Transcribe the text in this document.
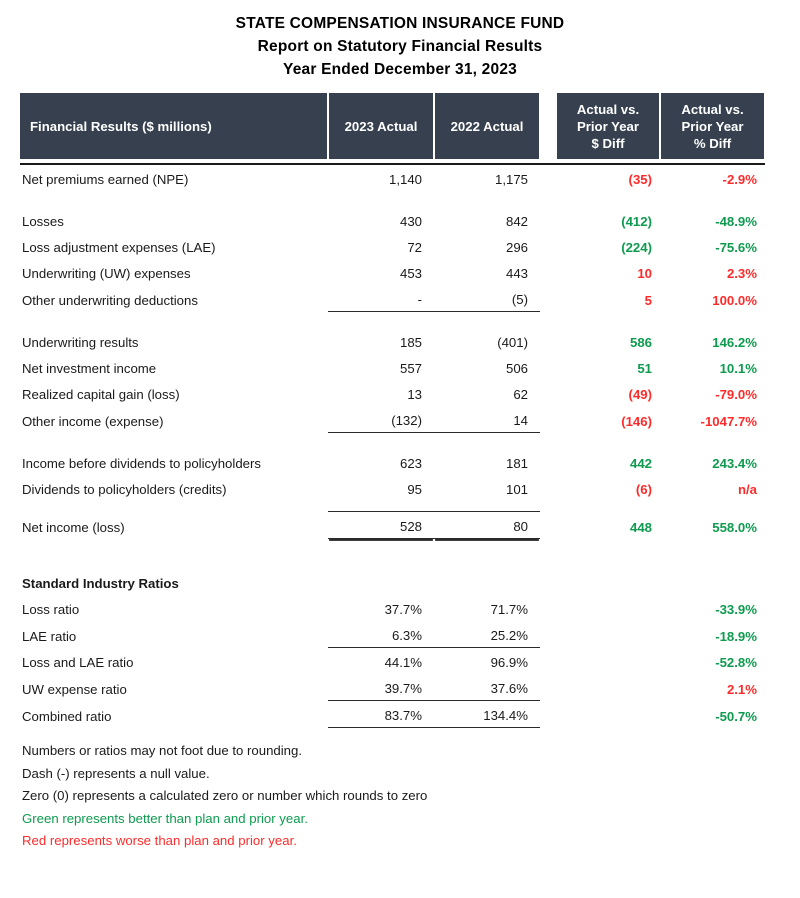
STATE COMPENSATION INSURANCE FUND
Report on Statutory Financial Results
Year Ended December 31, 2023
Financial Results ($ millions)	2023 Actual	2022 Actual		Actual vs.
Prior Year
$ Diff	Actual vs.
Prior Year
% Diff

Net premiums earned (NPE)	1,140	1,175		(35)	-2.9%

Losses	430	842		(412)	-48.9%
Loss adjustment expenses (LAE)	72	296		(224)	-75.6%
Underwriting (UW) expenses	453	443		10	2.3%
Other underwriting deductions	-	(5)		5	100.0%

Underwriting results	185	(401)		586	146.2%
Net investment income	557	506		51	10.1%
Realized capital gain (loss)	13	62		(49)	-79.0%
Other income (expense)	(132)	14		(146)	-1047.7%

Income before dividends to policyholders	623	181		442	243.4%
Dividends to policyholders (credits)	95	101		(6)	n/a

Net income (loss)	528	80		448	558.0%

Standard Industry Ratios					
Loss ratio	37.7%	71.7%			-33.9%
LAE ratio	6.3%	25.2%			-18.9%
Loss and LAE ratio	44.1%	96.9%			-52.8%
UW expense ratio	39.7%	37.6%			2.1%
Combined ratio	83.7%	134.4%			-50.7%
Numbers or ratios may not foot due to rounding.
Dash (-) represents a null value.
Zero (0) represents a calculated zero or number which rounds to zero
Green represents better than plan and prior year.
Red represents worse than plan and prior year.
